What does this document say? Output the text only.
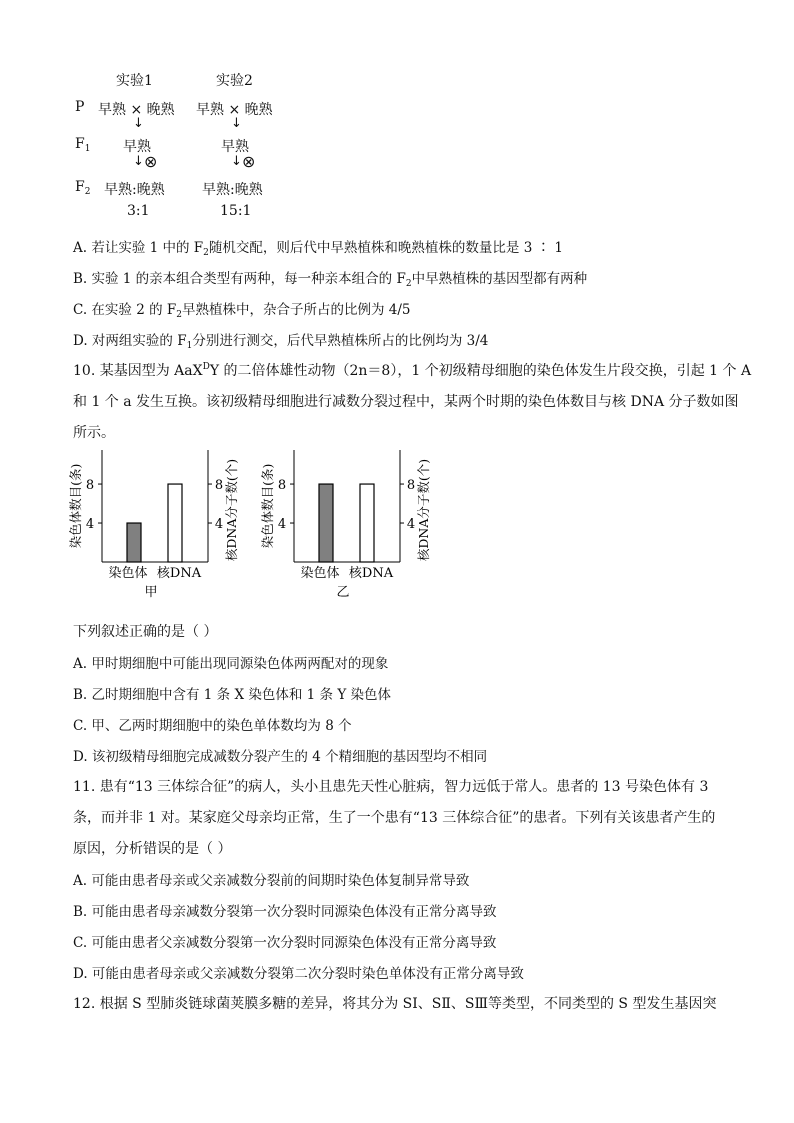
实验1	实验2
P 早熟 × 晚熟 早熟 × 晚熟
↓	↓
$F_1$ 早熟	早熟
↓ ⊗	↓ ⊗
$F_2$ 早熟:晚熟	早熟:晚熟
3:1	15:1
A. 若让实验 1 中的 $F_2$随机交配，则后代中早熟植株和晚熟植株的数量比是 3 ∶ 1
B. 实验 1 的亲本组合类型有两种，每一种亲本组合的 $F_2$中早熟植株的基因型都有两种
C. 在实验 2 的 $F_2$早熟植株中，杂合子所占的比例为 4/5
D. 对两组实验的 $F_1$分别进行测交，后代早熟植株所占的比例均为 3/4
10. 某基因型为 AaX$^D$Y 的二倍体雄性动物（2n＝8），1 个初级精母细胞的染色体发生片段交换，引起 1 个 A
和 1 个 a 发生互换。该初级精母细胞进行减数分裂过程中，某两个时期的染色体数目与核 DNA 分子数如图
所示。
4	4
8	8
染色体 核DNA
甲
染色体数目(条)	核DNA分子数(个)	4	4
8	8
染色体 核DNA
乙
染色体数目(条)	核DNA分子数(个)
下列叙述正确的是（ ）
A. 甲时期细胞中可能出现同源染色体两两配对的现象
B. 乙时期细胞中含有 1 条 X 染色体和 1 条 Y 染色体
C. 甲、乙两时期细胞中的染色单体数均为 8 个
D. 该初级精母细胞完成减数分裂产生的 4 个精细胞的基因型均不相同
11. 患有“13 三体综合征”的病人，头小且患先天性心脏病，智力远低于常人。患者的 13 号染色体有 3
条，而并非 1 对。某家庭父母亲均正常，生了一个患有“13 三体综合征”的患者。下列有关该患者产生的
原因，分析错误的是（ ）
A. 可能由患者母亲或父亲减数分裂前的间期时染色体复制异常导致
B. 可能由患者母亲减数分裂第一次分裂时同源染色体没有正常分离导致
C. 可能由患者父亲减数分裂第一次分裂时同源染色体没有正常分离导致
D. 可能由患者母亲或父亲减数分裂第二次分裂时染色单体没有正常分离导致
12. 根据 S 型肺炎链球菌荚膜多糖的差异，将其分为 SⅠ、SⅡ、SⅢ等类型，不同类型的 S 型发生基因突
